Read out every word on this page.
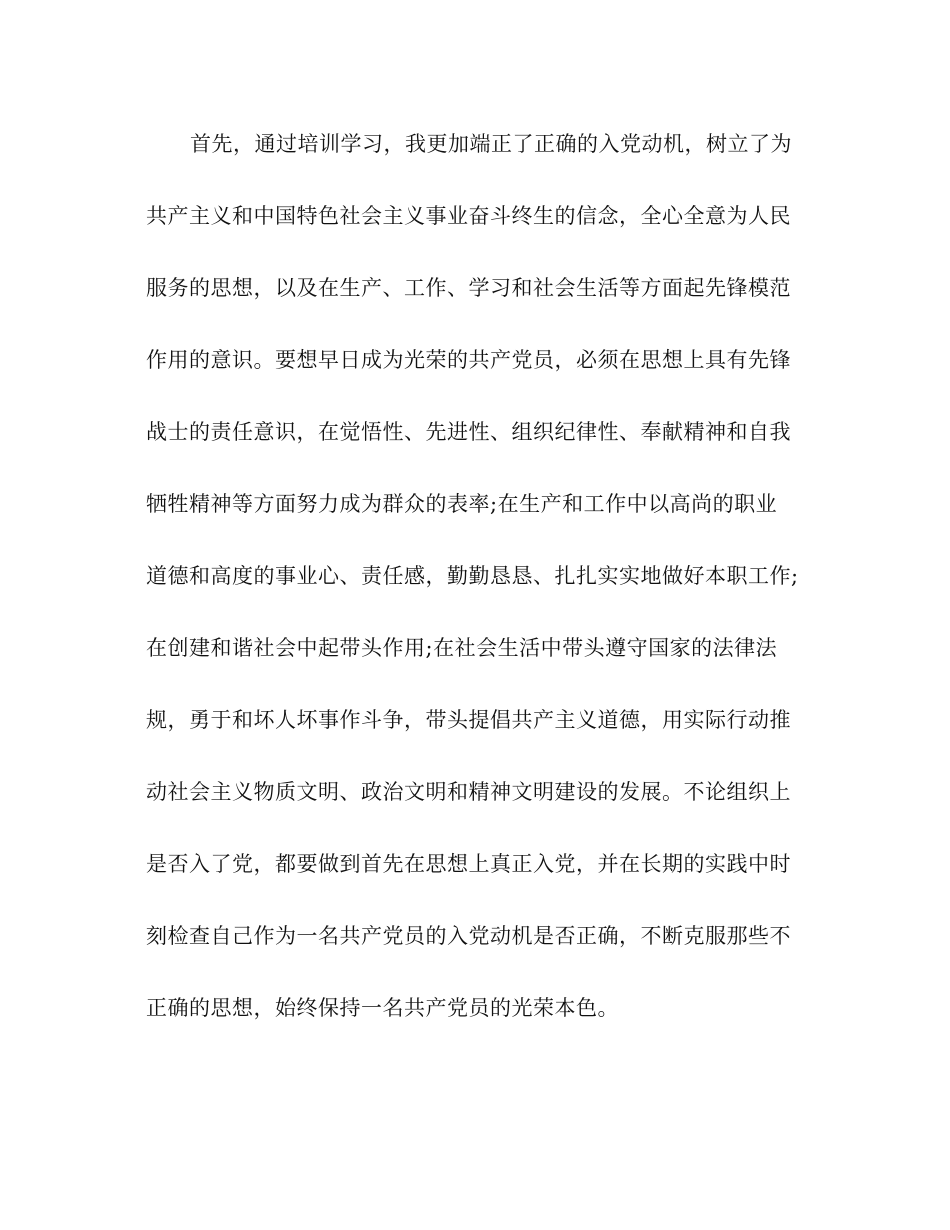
首先，通过培训学习，我更加端正了正确的入党动机，树立了为
共产主义和中国特色社会主义事业奋斗终生的信念，全心全意为人民
服务的思想，以及在生产、工作、学习和社会生活等方面起先锋模范
作用的意识。要想早日成为光荣的共产党员，必须在思想上具有先锋
战士的责任意识，在觉悟性、先进性、组织纪律性、奉献精神和自我
牺牲精神等方面努力成为群众的表率;在生产和工作中以高尚的职业
道德和高度的事业心、责任感，勤勤恳恳、扎扎实实地做好本职工作;
在创建和谐社会中起带头作用;在社会生活中带头遵守国家的法律法
规，勇于和坏人坏事作斗争，带头提倡共产主义道德，用实际行动推
动社会主义物质文明、政治文明和精神文明建设的发展。不论组织上
是否入了党，都要做到首先在思想上真正入党，并在长期的实践中时
刻检查自己作为一名共产党员的入党动机是否正确，不断克服那些不
正确的思想，始终保持一名共产党员的光荣本色。
